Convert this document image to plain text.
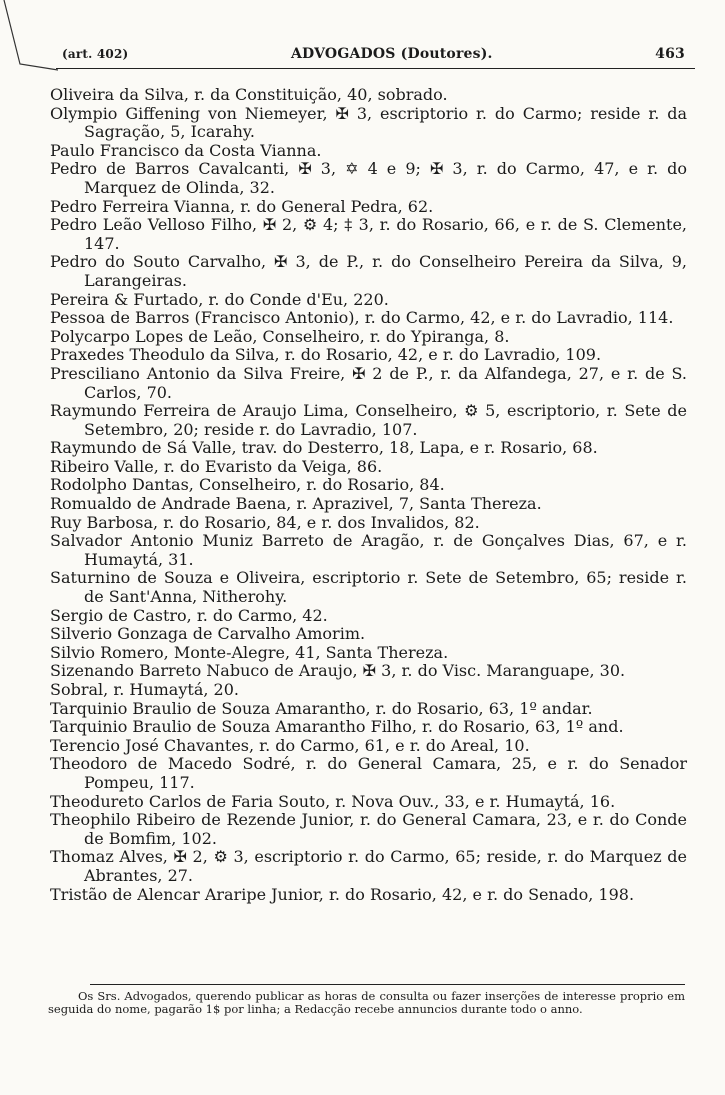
(art. 402)	ADVOGADOS (Doutores).	463
Oliveira da Silva, r. da Constituição, 40, sobrado.
Olympio Giffening von Niemeyer, ✠ 3, escriptorio r. do Carmo; reside r. da Sagração, 5, Icarahy.
Paulo Francisco da Costa Vianna.
Pedro de Barros Cavalcanti, ✠ 3, ✡ 4 e 9; ✠ 3, r. do Carmo, 47, e r. do Marquez de Olinda, 32.
Pedro Ferreira Vianna, r. do General Pedra, 62.
Pedro Leão Velloso Filho, ✠ 2, ⚙ 4; ‡ 3, r. do Rosario, 66, e r. de S. Clemente, 147.
Pedro do Souto Carvalho, ✠ 3, de P., r. do Conselheiro Pereira da Silva, 9, Larangeiras.
Pereira & Furtado, r. do Conde d'Eu, 220.
Pessoa de Barros (Francisco Antonio), r. do Carmo, 42, e r. do Lavradio, 114.
Polycarpo Lopes de Leão, Conselheiro, r. do Ypiranga, 8.
Praxedes Theodulo da Silva, r. do Rosario, 42, e r. do Lavradio, 109.
Presciliano Antonio da Silva Freire, ✠ 2 de P., r. da Alfandega, 27, e r. de S. Carlos, 70.
Raymundo Ferreira de Araujo Lima, Conselheiro, ⚙ 5, escriptorio, r. Sete de Setembro, 20; reside r. do Lavradio, 107.
Raymundo de Sá Valle, trav. do Desterro, 18, Lapa, e r. Rosario, 68.
Ribeiro Valle, r. do Evaristo da Veiga, 86.
Rodolpho Dantas, Conselheiro, r. do Rosario, 84.
Romualdo de Andrade Baena, r. Aprazivel, 7, Santa Thereza.
Ruy Barbosa, r. do Rosario, 84, e r. dos Invalidos, 82.
Salvador Antonio Muniz Barreto de Aragão, r. de Gonçalves Dias, 67, e r. Humaytá, 31.
Saturnino de Souza e Oliveira, escriptorio r. Sete de Setembro, 65; reside r. de Sant'Anna, Nitherohy.
Sergio de Castro, r. do Carmo, 42.
Silverio Gonzaga de Carvalho Amorim.
Silvio Romero, Monte-Alegre, 41, Santa Thereza.
Sizenando Barreto Nabuco de Araujo, ✠ 3, r. do Visc. Maranguape, 30.
Sobral, r. Humaytá, 20.
Tarquinio Braulio de Souza Amarantho, r. do Rosario, 63, 1º andar.
Tarquinio Braulio de Souza Amarantho Filho, r. do Rosario, 63, 1º and.
Terencio José Chavantes, r. do Carmo, 61, e r. do Areal, 10.
Theodoro de Macedo Sodré, r. do General Camara, 25, e r. do Senador Pompeu, 117.
Theodureto Carlos de Faria Souto, r. Nova Ouv., 33, e r. Humaytá, 16.
Theophilo Ribeiro de Rezende Junior, r. do General Camara, 23, e r. do Conde de Bomfim, 102.
Thomaz Alves, ✠ 2, ⚙ 3, escriptorio r. do Carmo, 65; reside, r. do Marquez de Abrantes, 27.
Tristão de Alencar Araripe Junior, r. do Rosario, 42, e r. do Senado, 198.
Os Srs. Advogados, querendo publicar as horas de consulta ou fazer inserções de interesse proprio em seguida do nome, pagarão 1$ por linha; a Redacção recebe annuncios durante todo o anno.
